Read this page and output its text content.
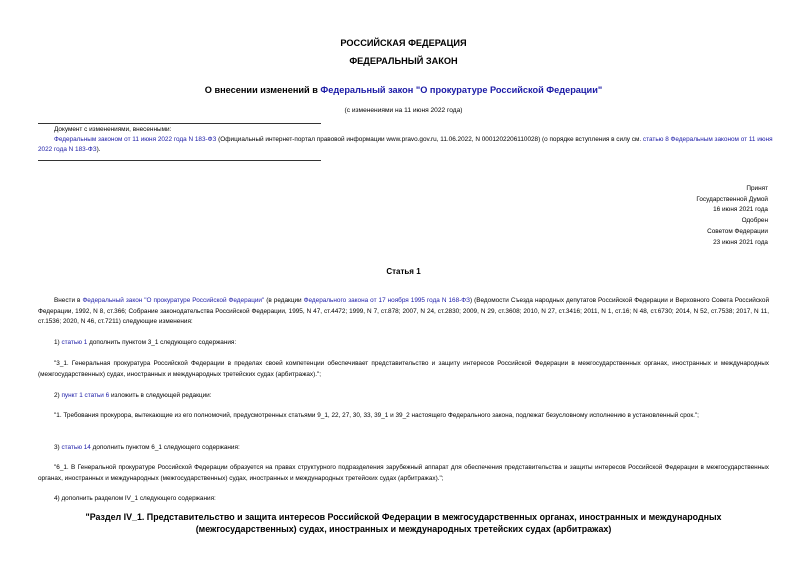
РОССИЙСКАЯ ФЕДЕРАЦИЯ
ФЕДЕРАЛЬНЫЙ ЗАКОН
О внесении изменений в Федеральный закон "О прокуратуре Российской Федерации"
(с изменениями на 11 июня 2022 года)
Документ с изменениями, внесенными:
Федеральным законом от 11 июня 2022 года N 183-ФЗ (Официальный интернет-портал правовой информации www.pravo.gov.ru, 11.06.2022, N 0001202206110028) (о порядке вступления в силу см. статью 8 Федеральным законом от 11 июня 2022 года N 183-ФЗ).
Принят
Государственной Думой
16 июня 2021 года
Одобрен
Советом Федерации
23 июня 2021 года
Статья 1
Внести в Федеральный закон "О прокуратуре Российской Федерации" (в редакции Федерального закона от 17 ноября 1995 года N 168-ФЗ) (Ведомости Съезда народных депутатов Российской Федерации и Верховного Совета Российской Федерации, 1992, N 8, ст.366; Собрание законодательства Российской Федерации, 1995, N 47, ст.4472; 1999, N 7, ст.878; 2007, N 24, ст.2830; 2009, N 29, ст.3608; 2010, N 27, ст.3416; 2011, N 1, ст.16; N 48, ст.6730; 2014, N 52, ст.7538; 2017, N 11, ст.1536; 2020, N 46, ст.7211) следующие изменения:
1) статью 1 дополнить пунктом 3_1 следующего содержания:
"3_1. Генеральная прокуратура Российской Федерации в пределах своей компетенции обеспечивает представительство и защиту интересов Российской Федерации в межгосударственных органах, иностранных и международных (межгосударственных) судах, иностранных и международных третейских судах (арбитражах).";
2) пункт 1 статьи 6 изложить в следующей редакции:
"1. Требования прокурора, вытекающие из его полномочий, предусмотренных статьями 9_1, 22, 27, 30, 33, 39_1 и 39_2 настоящего Федерального закона, подлежат безусловному исполнению в установленный срок.";
3) статью 14 дополнить пунктом 6_1 следующего содержания:
"6_1. В Генеральной прокуратуре Российской Федерации образуется на правах структурного подразделения зарубежный аппарат для обеспечения представительства и защиты интересов Российской Федерации в межгосударственных органах, иностранных и международных (межгосударственных) судах, иностранных и международных третейских судах (арбитражах).";
4) дополнить разделом IV_1 следующего содержания:
"Раздел IV_1. Представительство и защита интересов Российской Федерации в межгосударственных органах, иностранных и международных (межгосударственных) судах, иностранных и международных третейских судах (арбитражах)
